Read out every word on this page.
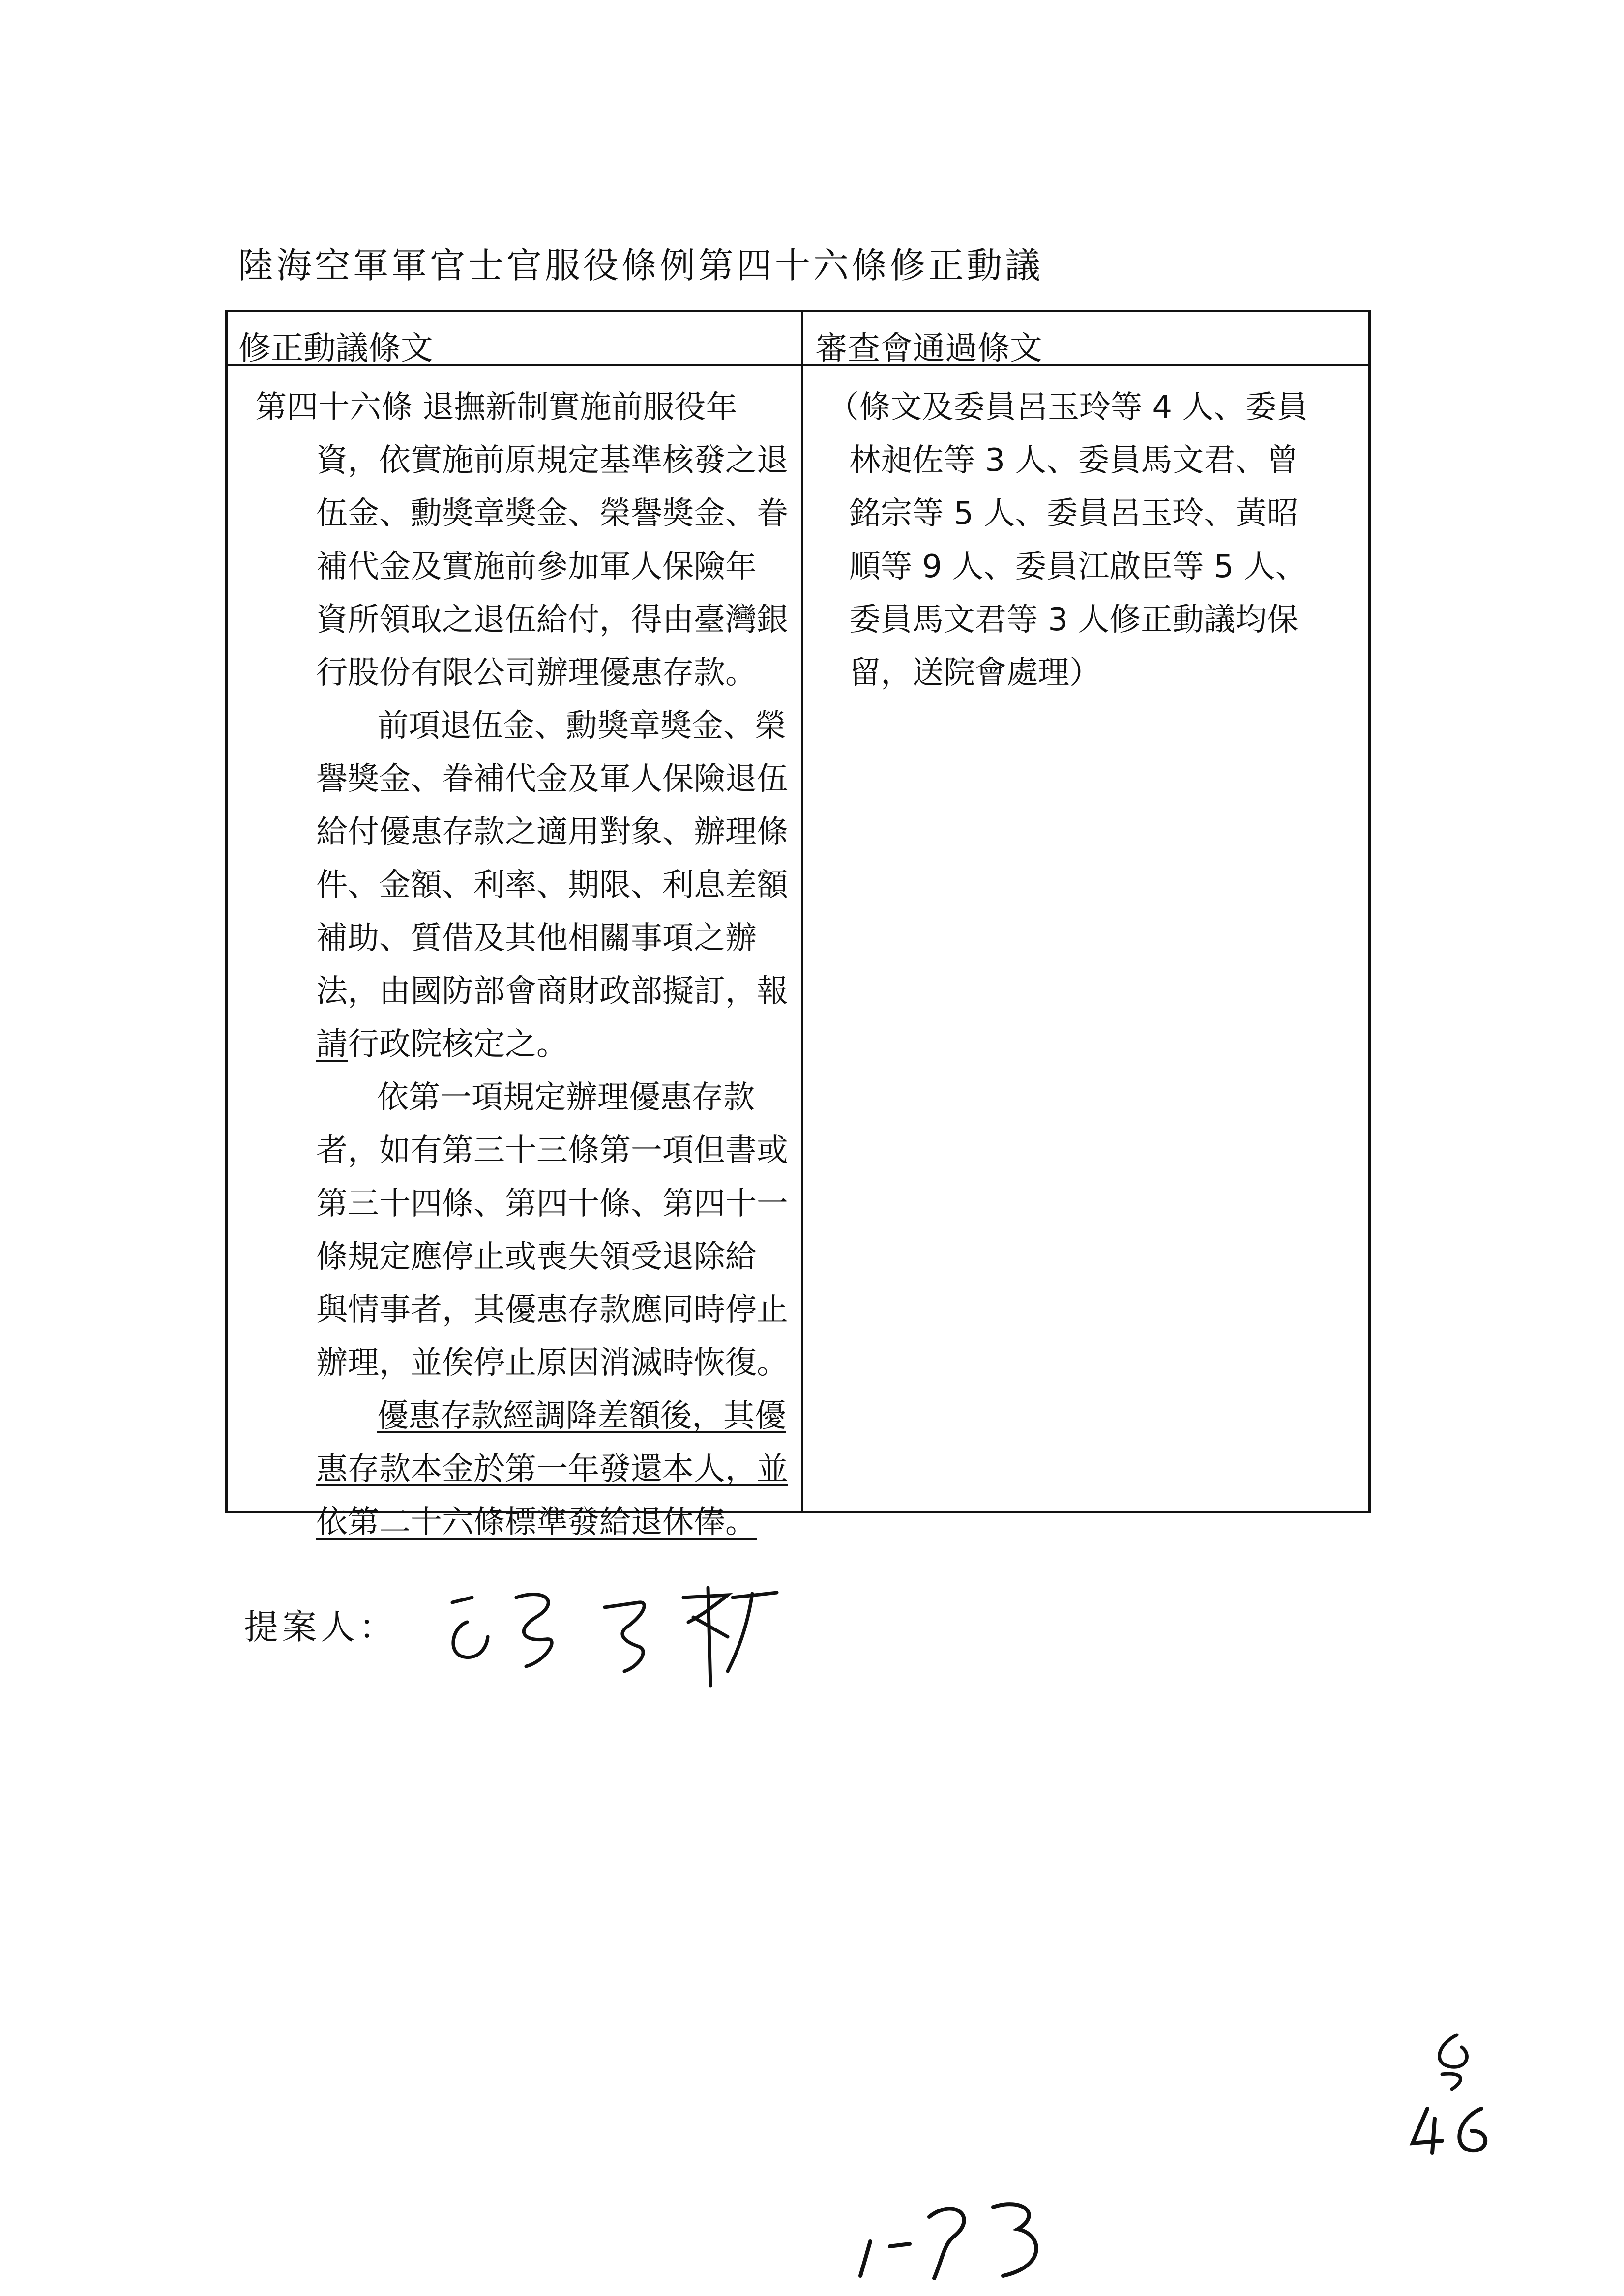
陸海空軍軍官士官服役條例第四十六條修正動議
修正動議條文	審查會通過條文
第四十六條 退撫新制實施前服役年
資，依實施前原規定基準核發之退
伍金、勳獎章獎金、榮譽獎金、眷
補代金及實施前參加軍人保險年
資所領取之退伍給付，得由臺灣銀
行股份有限公司辦理優惠存款。
前項退伍金、勳獎章獎金、榮
譽獎金、眷補代金及軍人保險退伍
給付優惠存款之適用對象、辦理條
件、金額、利率、期限、利息差額
補助、質借及其他相關事項之辦
法，由國防部會商財政部擬訂，報
請行政院核定之。
依第一項規定辦理優惠存款
者，如有第三十三條第一項但書或
第三十四條、第四十條、第四十一
條規定應停止或喪失領受退除給
與情事者，其優惠存款應同時停止
辦理，並俟停止原因消滅時恢復。
優惠存款經調降差額後，其優
惠存款本金於第一年發還本人，並
依第二十六條標準發給退休俸。
（條文及委員呂玉玲等 4 人、委員
林昶佐等 3 人、委員馬文君、曾
銘宗等 5 人、委員呂玉玲、黃昭
順等 9 人、委員江啟臣等 5 人、
委員馬文君等 3 人修正動議均保
留，送院會處理）
提案人：
